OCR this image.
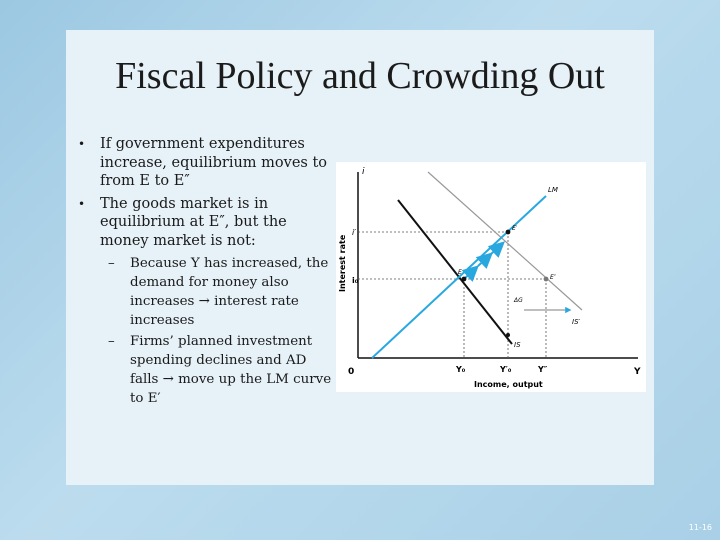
Fiscal Policy and Crowding Out
• If government expenditures increase, equilibrium moves to from E to E″
• The goods market is in equilibrium at E″, but the money market is not:
– Because Y has increased, the demand for money also increases → interest rate increases
– Firms’ planned investment spending declines and AD falls → move up the LM curve to E′
i
Y
0
Interest rate
Income, output
i′
i₀
Y₀	Y′₀	Y″
LM
IS
IS′
E
E′
E″
ΔG
11-16
